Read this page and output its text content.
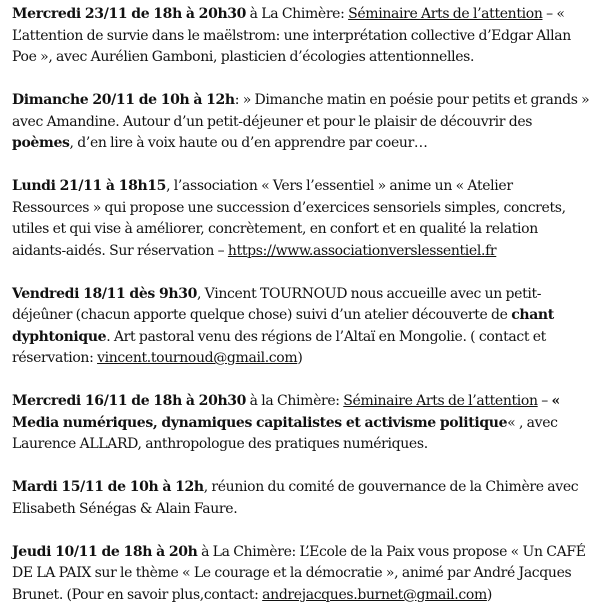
Mercredi 23/11 de 18h à 20h30 à La Chimère: Séminaire Arts de l’attention – « L’attention de survie dans le maëlstrom: une interprétation collective d’Edgar Allan Poe », avec Aurélien Gamboni, plasticien d’écologies attentionnelles.

Dimanche 20/11 de 10h à 12h: » Dimanche matin en poésie pour petits et grands » avec Amandine. Autour d’un petit-déjeuner et pour le plaisir de découvrir des poèmes, d’en lire à voix haute ou d’en apprendre par coeur…

Lundi 21/11 à 18h15, l’association « Vers l’essentiel » anime un « Atelier Ressources » qui propose une succession d’exercices sensoriels simples, concrets, utiles et qui vise à améliorer, concrètement, en confort et en qualité la relation aidants-aidés. Sur réservation – https://www.associationverslessentiel.fr

Vendredi 18/11 dès 9h30, Vincent TOURNOUD nous accueille avec un petit-déjeûner (chacun apporte quelque chose) suivi d’un atelier découverte de chant dyphtonique. Art pastoral venu des régions de l’Altaï en Mongolie. ( contact et réservation: vincent.tournoud@gmail.com)

Mercredi 16/11 de 18h à 20h30 à la Chimère: Séminaire Arts de l’attention – « Media numériques, dynamiques capitalistes et activisme politique« , avec Laurence ALLARD, anthropologue des pratiques numériques.

Mardi 15/11 de 10h à 12h, réunion du comité de gouvernance de la Chimère avec Elisabeth Sénégas & Alain Faure.

Jeudi 10/11 de 18h à 20h à La Chimère: L’Ecole de la Paix vous propose « Un CAFÉ DE LA PAIX sur le thème « Le courage et la démocratie », animé par André Jacques Brunet. (Pour en savoir plus,contact: andrejacques.burnet@gmail.com)
